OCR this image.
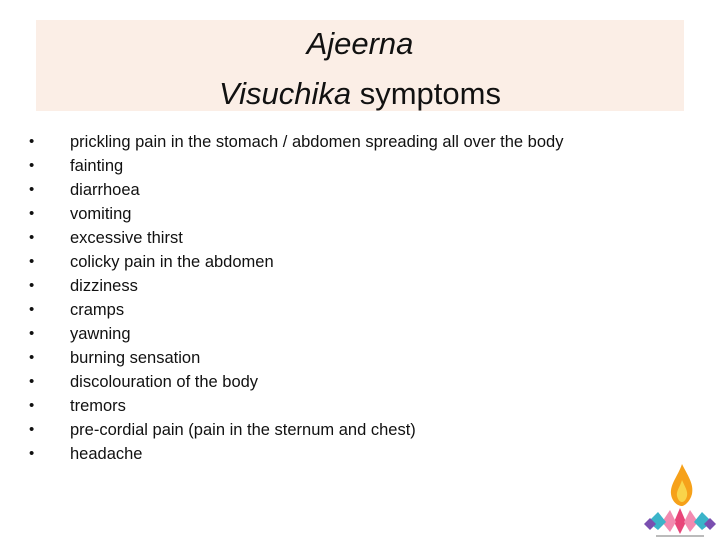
Ajeerna
Visuchika symptoms
•	prickling pain in the stomach / abdomen spreading all over the body
•	fainting
•	diarrhoea
•	vomiting
•	excessive thirst
•	colicky pain in the abdomen
•	dizziness
•	cramps
•	yawning
•	burning sensation
•	discolouration of the body
•	tremors
•	pre-cordial pain (pain in the sternum and chest)
•	headache
